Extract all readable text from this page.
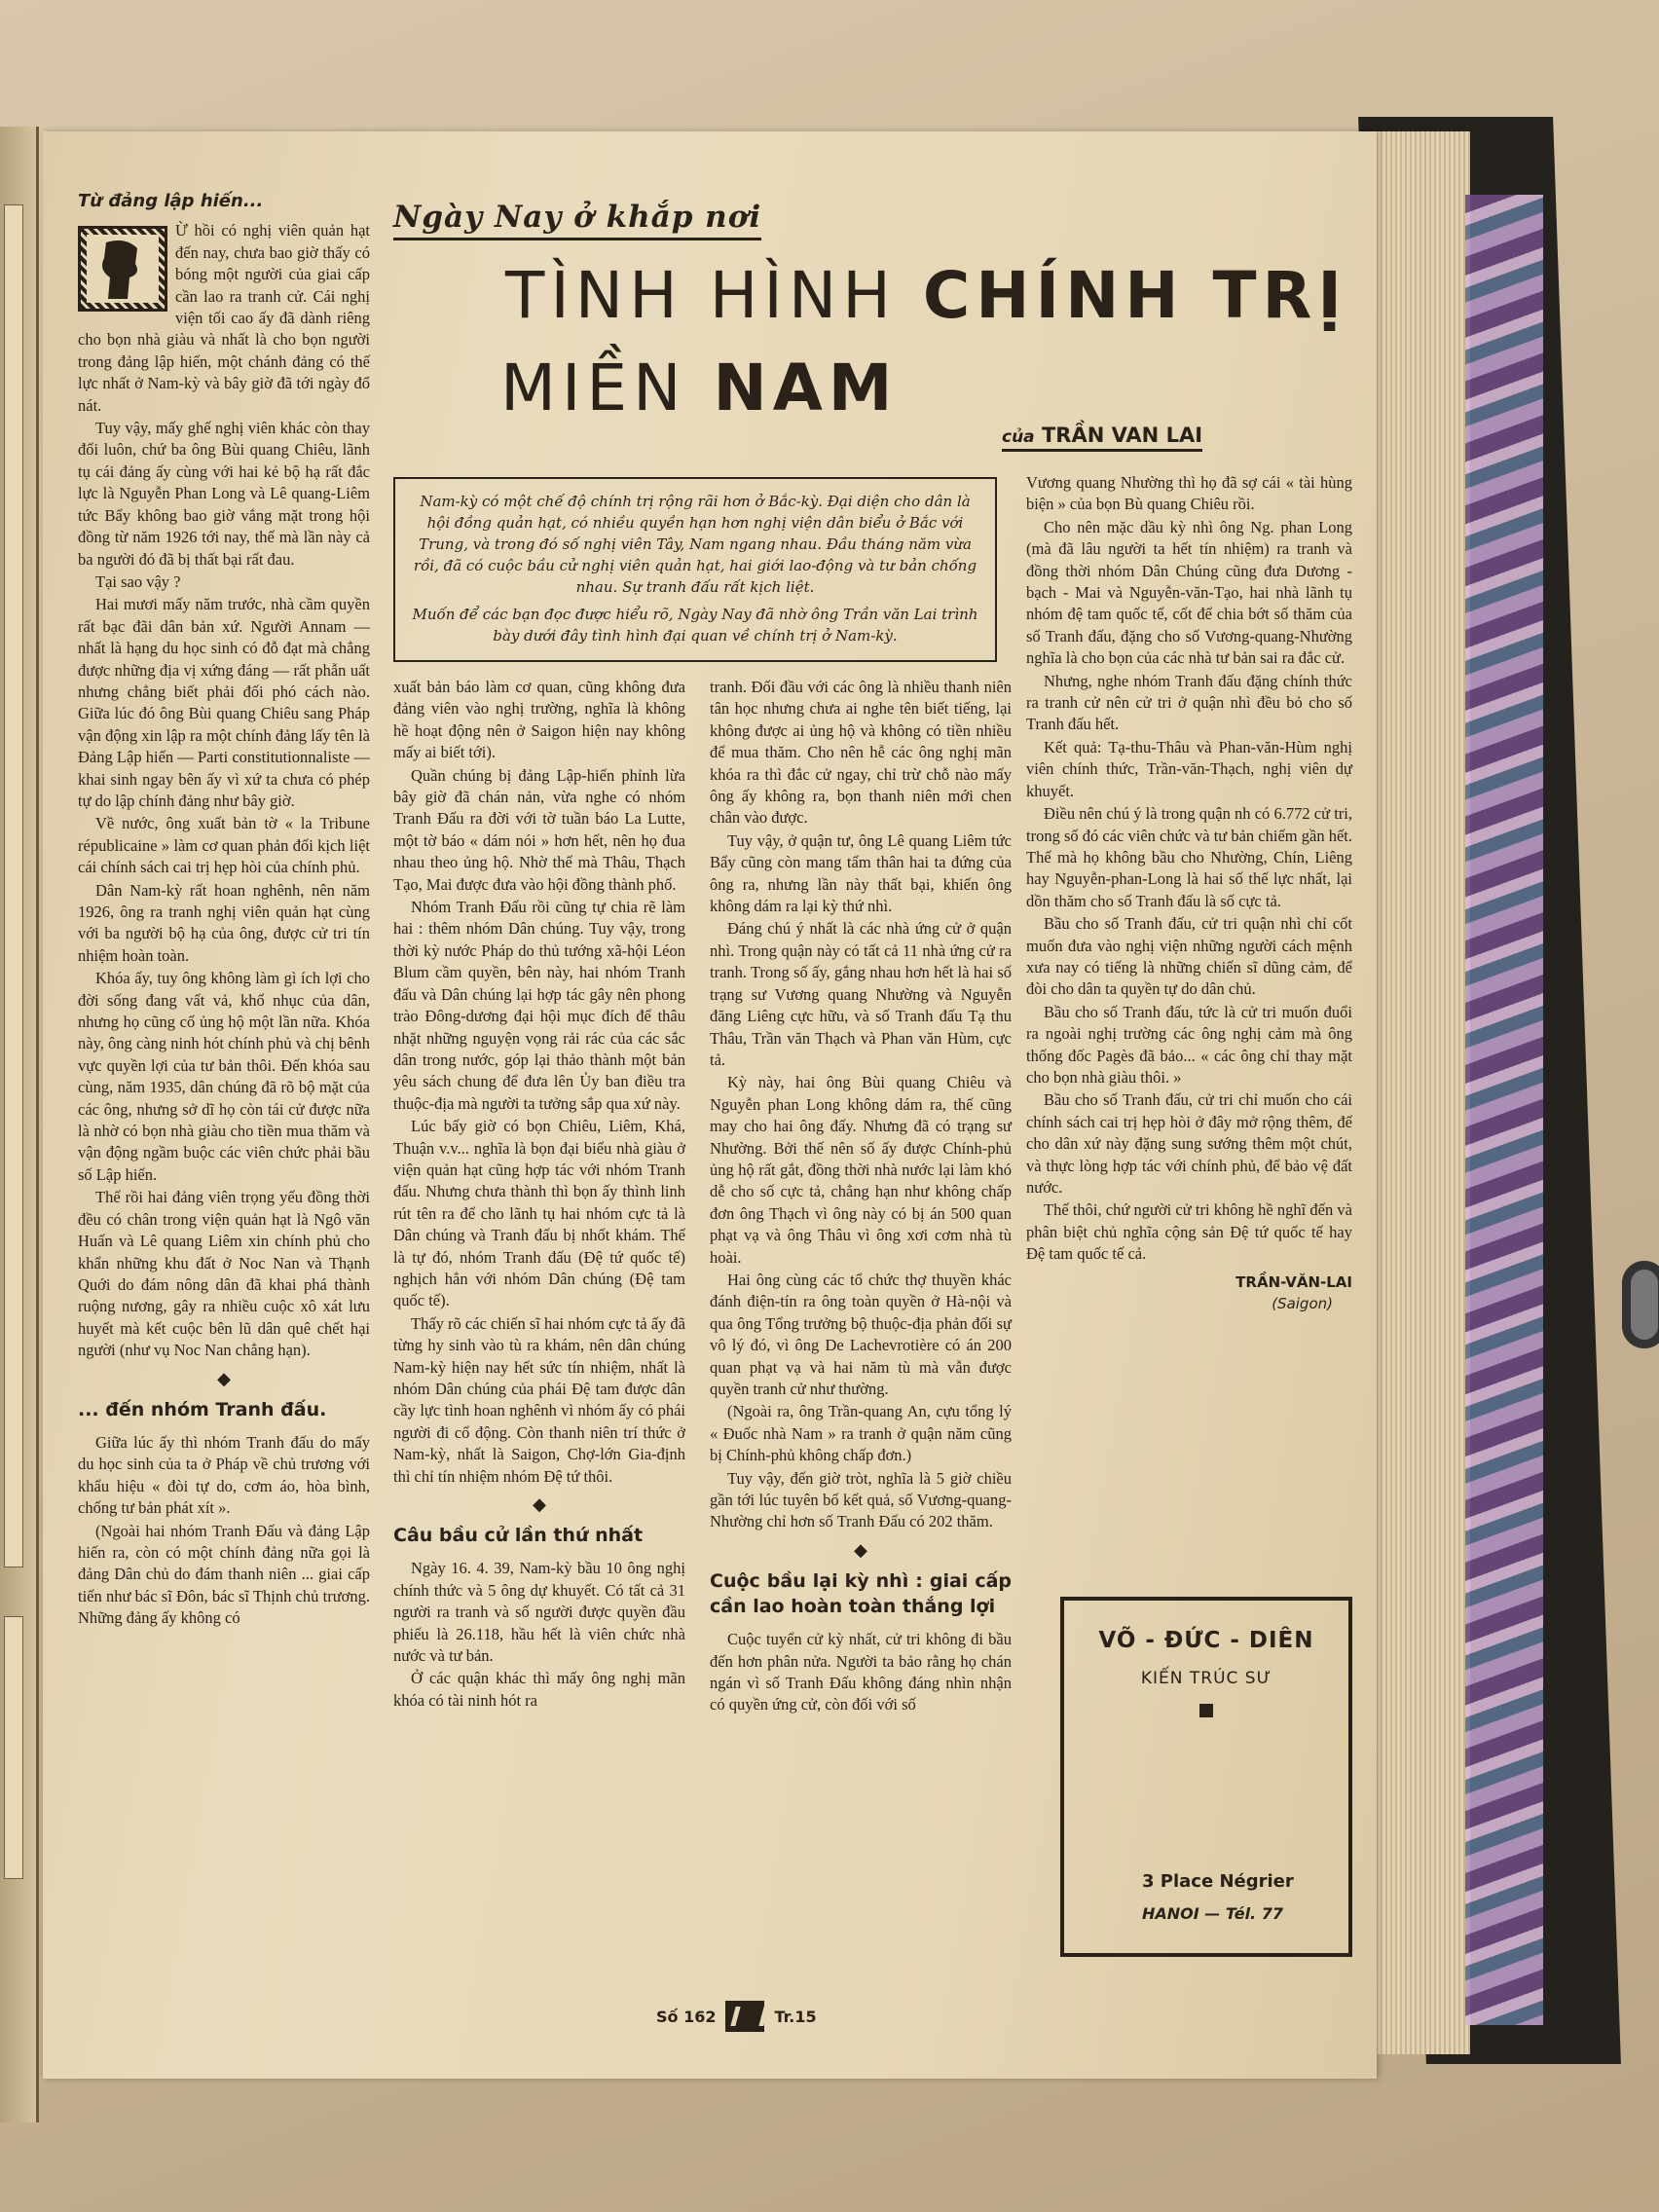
Ngày Nay ở khắp nơi
TÌNH HÌNH CHÍNH TRỊ
MIỀN NAM
của TRẦN VAN LAI

Nam-kỳ có một chế độ chính trị rộng rãi hơn ở Bắc-kỳ. Đại diện cho dân là hội đồng quản hạt, có nhiều quyền hạn hơn nghị viện dân biểu ở Bắc với Trung, và trong đó số nghị viên Tây, Nam ngang nhau. Đầu tháng năm vừa rồi, đã có cuộc bầu cử nghị viên quản hạt, hai giới lao-động và tư bản chống nhau. Sự tranh đấu rất kịch liệt.

Muốn để các bạn đọc được hiểu rõ, Ngày Nay đã nhờ ông Trần văn Lai trình bày dưới đây tình hình đại quan về chính trị ở Nam-kỳ.

Từ đảng lập hiến...

Ừ hồi có nghị viên quản hạt đến nay, chưa bao giờ thấy có bóng một người của giai cấp cần lao ra tranh cử. Cái nghị viện tối cao ấy đã dành riêng cho bọn nhà giàu và nhất là cho bọn người trong đảng lập hiến, một chánh đảng có thế lực nhất ở Nam-kỳ và bây giờ đã tới ngày đổ nát.

Tuy vậy, mấy ghế nghị viên khác còn thay đổi luôn, chứ ba ông Bùi quang Chiêu, lãnh tụ cái đảng ấy cùng với hai kẻ bộ hạ rất đắc lực là Nguyễn Phan Long và Lê quang-Liêm tức Bẩy không bao giờ vắng mặt trong hội đồng từ năm 1926 tới nay, thế mà lần này cả ba người đó đã bị thất bại rất đau.

Tại sao vậy ?

Hai mươi mấy năm trước, nhà cầm quyền rất bạc đãi dân bản xứ. Người Annam — nhất là hạng du học sinh có đỗ đạt mà chẳng được những địa vị xứng đáng — rất phẫn uất nhưng chẳng biết phải đối phó cách nào. Giữa lúc đó ông Bùi quang Chiêu sang Pháp vận động xin lập ra một chính đảng lấy tên là Đảng Lập hiến — Parti constitutionnaliste — khai sinh ngay bên ấy vì xứ ta chưa có phép tự do lập chính đảng như bây giờ.

Về nước, ông xuất bản tờ « la Tribune républicaine » làm cơ quan phản đối kịch liệt cái chính sách cai trị hẹp hòi của chính phủ.

Dân Nam-kỳ rất hoan nghênh, nên năm 1926, ông ra tranh nghị viên quản hạt cùng với ba người bộ hạ của ông, được cử tri tín nhiệm hoàn toàn.

Khóa ấy, tuy ông không làm gì ích lợi cho đời sống đang vất vả, khổ nhục của dân, nhưng họ cũng cố ủng hộ một lần nữa. Khóa này, ông càng ninh hót chính phủ và chị bênh vực quyền lợi của tư bản thôi. Đến khóa sau cùng, năm 1935, dân chúng đã rõ bộ mặt của các ông, nhưng sở dĩ họ còn tái cử được nữa là nhờ có bọn nhà giàu cho tiền mua thăm và vận động ngầm buộc các viên chức phải bầu số Lập hiến.

Thế rồi hai đảng viên trọng yếu đồng thời đều có chân trong viện quản hạt là Ngô văn Huấn và Lê quang Liêm xin chính phủ cho khẩn những khu đất ở Noc Nan và Thạnh Quới do đám nông dân đã khai phá thành ruộng nương, gây ra nhiều cuộc xô xát lưu huyết mà kết cuộc bên lũ dân quê chết hại người (như vụ Noc Nan chẳng hạn).

◆
... đến nhóm Tranh đấu.

Giữa lúc ấy thì nhóm Tranh đấu do mấy du học sinh của ta ở Pháp về chủ trương với khẩu hiệu « đòi tự do, cơm áo, hòa bình, chống tư bản phát xít ».

(Ngoài hai nhóm Tranh Đấu và đảng Lập hiến ra, còn có một chính đảng nữa gọi là đảng Dân chủ do đám thanh niên ... giai cấp tiến như bác sĩ Đôn, bác sĩ Thịnh chủ trương. Những đảng ấy không có

xuất bản báo làm cơ quan, cũng không đưa đảng viên vào nghị trường, nghĩa là không hề hoạt động nên ở Saigon hiện nay không mấy ai biết tới).

Quần chúng bị đảng Lập-hiến phỉnh lừa bây giờ đã chán nản, vừa nghe có nhóm Tranh Đấu ra đời với tờ tuần báo La Lutte, một tờ báo « dám nói » hơn hết, nên họ đua nhau theo ủng hộ. Nhờ thế mà Thâu, Thạch Tạo, Mai được đưa vào hội đồng thành phố.

Nhóm Tranh Đấu rồi cũng tự chia rẽ làm hai : thêm nhóm Dân chúng. Tuy vậy, trong thời kỳ nước Pháp do thủ tướng xã-hội Léon Blum cầm quyền, bên này, hai nhóm Tranh đấu và Dân chúng lại hợp tác gây nên phong trào Đông-dương đại hội mục đích để thâu nhặt những nguyện vọng rải rác của các sắc dân trong nước, góp lại thảo thành một bản yêu sách chung để đưa lên Ủy ban điều tra thuộc-địa mà người ta tưởng sắp qua xứ này.

Lúc bấy giờ có bọn Chiêu, Liêm, Khá, Thuận v.v... nghĩa là bọn đại biểu nhà giàu ở viện quản hạt cũng hợp tác với nhóm Tranh đấu. Nhưng chưa thành thì bọn ấy thình linh rút tên ra để cho lãnh tụ hai nhóm cực tả là Dân chúng và Tranh đấu bị nhốt khám. Thế là tự đó, nhóm Tranh đấu (Đệ tứ quốc tế) nghịch hẳn với nhóm Dân chúng (Đệ tam quốc tế).

Thấy rõ các chiến sĩ hai nhóm cực tả ấy đã từng hy sinh vào tù ra khám, nên dân chúng Nam-kỳ hiện nay hết sức tín nhiệm, nhất là nhóm Dân chúng của phái Đệ tam được dân cầy lực tình hoan nghênh vì nhóm ấy có phái người đi cổ động. Còn thanh niên trí thức ở Nam-kỳ, nhất là Saigon, Chợ-lớn Gia-định thì chỉ tín nhiệm nhóm Đệ tứ thôi.

◆
Câu bầu cử lần thứ nhất

Ngày 16. 4. 39, Nam-kỳ bầu 10 ông nghị chính thức và 5 ông dự khuyết. Có tất cả 31 người ra tranh và số người được quyền đầu phiếu là 26.118, hầu hết là viên chức nhà nước và tư bản.

Ở các quận khác thì mấy ông nghị mãn khóa có tài ninh hót ra

tranh. Đối đầu với các ông là nhiều thanh niên tân học nhưng chưa ai nghe tên biết tiếng, lại không được ai ủng hộ và không có tiền nhiều để mua thăm. Cho nên hễ các ông nghị mãn khóa ra thì đắc cử ngay, chỉ trừ chỗ nào mấy ông ấy không ra, bọn thanh niên mới chen chân vào được.

Tuy vậy, ở quận tư, ông Lê quang Liêm tức Bẩy cũng còn mang tấm thân hai ta đứng của ông ra, nhưng lần này thất bại, khiến ông không dám ra lại kỳ thứ nhì.

Đáng chú ý nhất là các nhà ứng cử ở quận nhì. Trong quận này có tất cả 11 nhà ứng cử ra tranh. Trong số ấy, gắng nhau hơn hết là hai số trạng sư Vương quang Nhường và Nguyễn đăng Liêng cực hữu, và số Tranh đấu Tạ thu Thâu, Trần văn Thạch và Phan văn Hùm, cực tả.

Kỳ này, hai ông Bùi quang Chiêu và Nguyễn phan Long không dám ra, thế cũng may cho hai ông đấy. Nhưng đã có trạng sư Nhường. Bởi thế nên số ấy được Chính-phủ ủng hộ rất gắt, đồng thời nhà nước lại làm khó dễ cho số cực tả, chẳng hạn như không chấp đơn ông Thạch vì ông này có bị án 500 quan phạt vạ và ông Thâu vì ông xơi cơm nhà tù hoài.

Hai ông cùng các tổ chức thợ thuyền khác đánh điện-tín ra ông toàn quyền ở Hà-nội và qua ông Tổng trưởng bộ thuộc-địa phản đối sự vô lý đó, vì ông De Lachevrotière có án 200 quan phạt vạ và hai năm tù mà vẫn được quyền tranh cử như thường.

(Ngoài ra, ông Trần-quang An, cựu tổng lý « Đuốc nhà Nam » ra tranh ở quận năm cũng bị Chính-phủ không chấp đơn.)

Tuy vậy, đến giờ tròt, nghĩa là 5 giờ chiều gần tới lúc tuyên bố kết quả, số Vương-quang-Nhường chỉ hơn số Tranh Đấu có 202 thăm.

◆
Cuộc bầu lại kỳ nhì : giai cấp cần lao hoàn toàn thắng lợi

Cuộc tuyển cử kỳ nhất, cử tri không đi bầu đến hơn phân nửa. Người ta bảo rằng họ chán ngán vì số Tranh Đấu không đáng nhìn nhận có quyền ứng cử, còn đối với số

Vương quang Nhường thì họ đã sợ cái « tài hùng biện » của bọn Bù quang Chiêu rồi.

Cho nên mặc dầu kỳ nhì ông Ng. phan Long (mà đã lâu người ta hết tín nhiệm) ra tranh và đồng thời nhóm Dân Chúng cũng đưa Dương - bạch - Mai và Nguyễn-văn-Tạo, hai nhà lãnh tụ nhóm đệ tam quốc tế, cốt để chia bớt số thăm của số Tranh đấu, đặng cho số Vương-quang-Nhường nghĩa là cho bọn của các nhà tư bản sai ra đắc cử.

Nhưng, nghe nhóm Tranh đấu đặng chính thức ra tranh cử nên cử tri ở quận nhì đều bỏ cho số Tranh đấu hết.

Kết quả: Tạ-thu-Thâu và Phan-văn-Hùm nghị viên chính thức, Trần-văn-Thạch, nghị viên dự khuyết.

Điều nên chú ý là trong quận nh có 6.772 cử tri, trong số đó các viên chức và tư bản chiếm gần hết. Thế mà họ không bầu cho Nhường, Chín, Liêng hay Nguyễn-phan-Long là hai số thế lực nhất, lại dồn thăm cho số Tranh đấu là số cực tả.

Bầu cho số Tranh đấu, cử tri quận nhì chỉ cốt muốn đưa vào nghị viện những người cách mệnh xưa nay có tiếng là những chiến sĩ dũng cảm, để đòi cho dân ta quyền tự do dân chủ.

Bầu cho số Tranh đấu, tức là cử tri muốn đuổi ra ngoài nghị trường các ông nghị cảm mà ông thống đốc Pagès đã bảo... « các ông chỉ thay mặt cho bọn nhà giàu thôi. »

Bầu cho số Tranh đấu, cử tri chỉ muốn cho cái chính sách cai trị hẹp hòi ở đây mở rộng thêm, để cho dân xứ này đặng sung sướng thêm một chút, và thực lòng hợp tác với chính phủ, để bảo vệ đất nước.

Thế thôi, chứ người cử tri không hề nghĩ đến và phân biệt chủ nghĩa cộng sản Đệ tứ quốc tế hay Đệ tam quốc tế cả.

TRẦN-VĂN-LAI
(Saigon)
VÕ - ĐỨC - DIÊN
KIẾN TRÚC SƯ
3 Place Négrier
HANOI — Tél. 77
Số 162	Tr.15
